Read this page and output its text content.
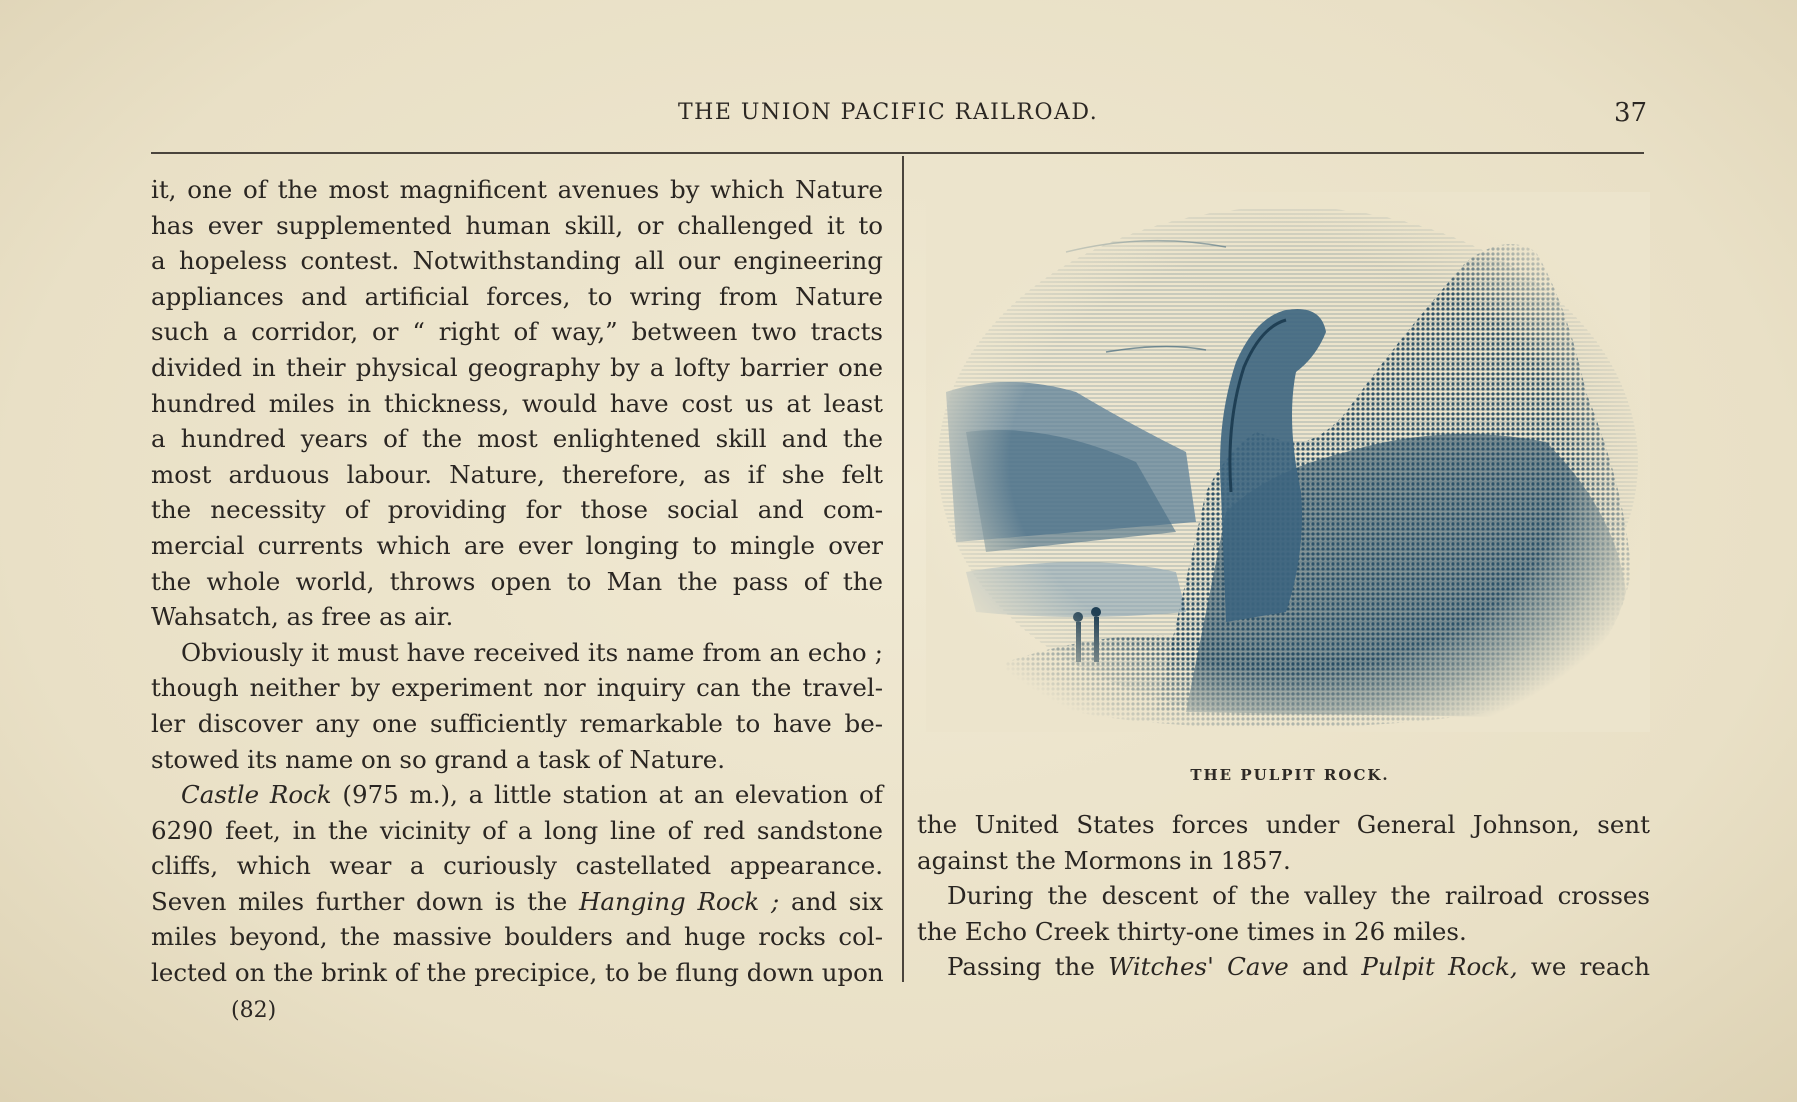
THE UNION PACIFIC RAILROAD.	37

it, one of the most magnificent avenues by which Nature
has ever supplemented human skill, or challenged it to
a hopeless contest. Notwithstanding all our engineering
appliances and artificial forces, to wring from Nature
such a corridor, or “ right of way,” between two tracts
divided in their physical geography by a lofty barrier one
hundred miles in thickness, would have cost us at least
a hundred years of the most enlightened skill and the
most arduous labour. Nature, therefore, as if she felt
the necessity of providing for those social and com-
mercial currents which are ever longing to mingle over
the whole world, throws open to Man the pass of the
Wahsatch, as free as air.

Obviously it must have received its name from an echo ;
though neither by experiment nor inquiry can the travel-
ler discover any one sufficiently remarkable to have be-
stowed its name on so grand a task of Nature.

Castle Rock (975 m.), a little station at an elevation of
6290 feet, in the vicinity of a long line of red sandstone
cliffs, which wear a curiously castellated appearance.
Seven miles further down is the Hanging Rock ; and six
miles beyond, the massive boulders and huge rocks col-
lected on the brink of the precipice, to be flung down upon

THE PULPIT ROCK.

the United States forces under General Johnson, sent
against the Mormons in 1857.

During the descent of the valley the railroad crosses
the Echo Creek thirty-one times in 26 miles.

Passing the Witches' Cave and Pulpit Rock, we reach

(82)
